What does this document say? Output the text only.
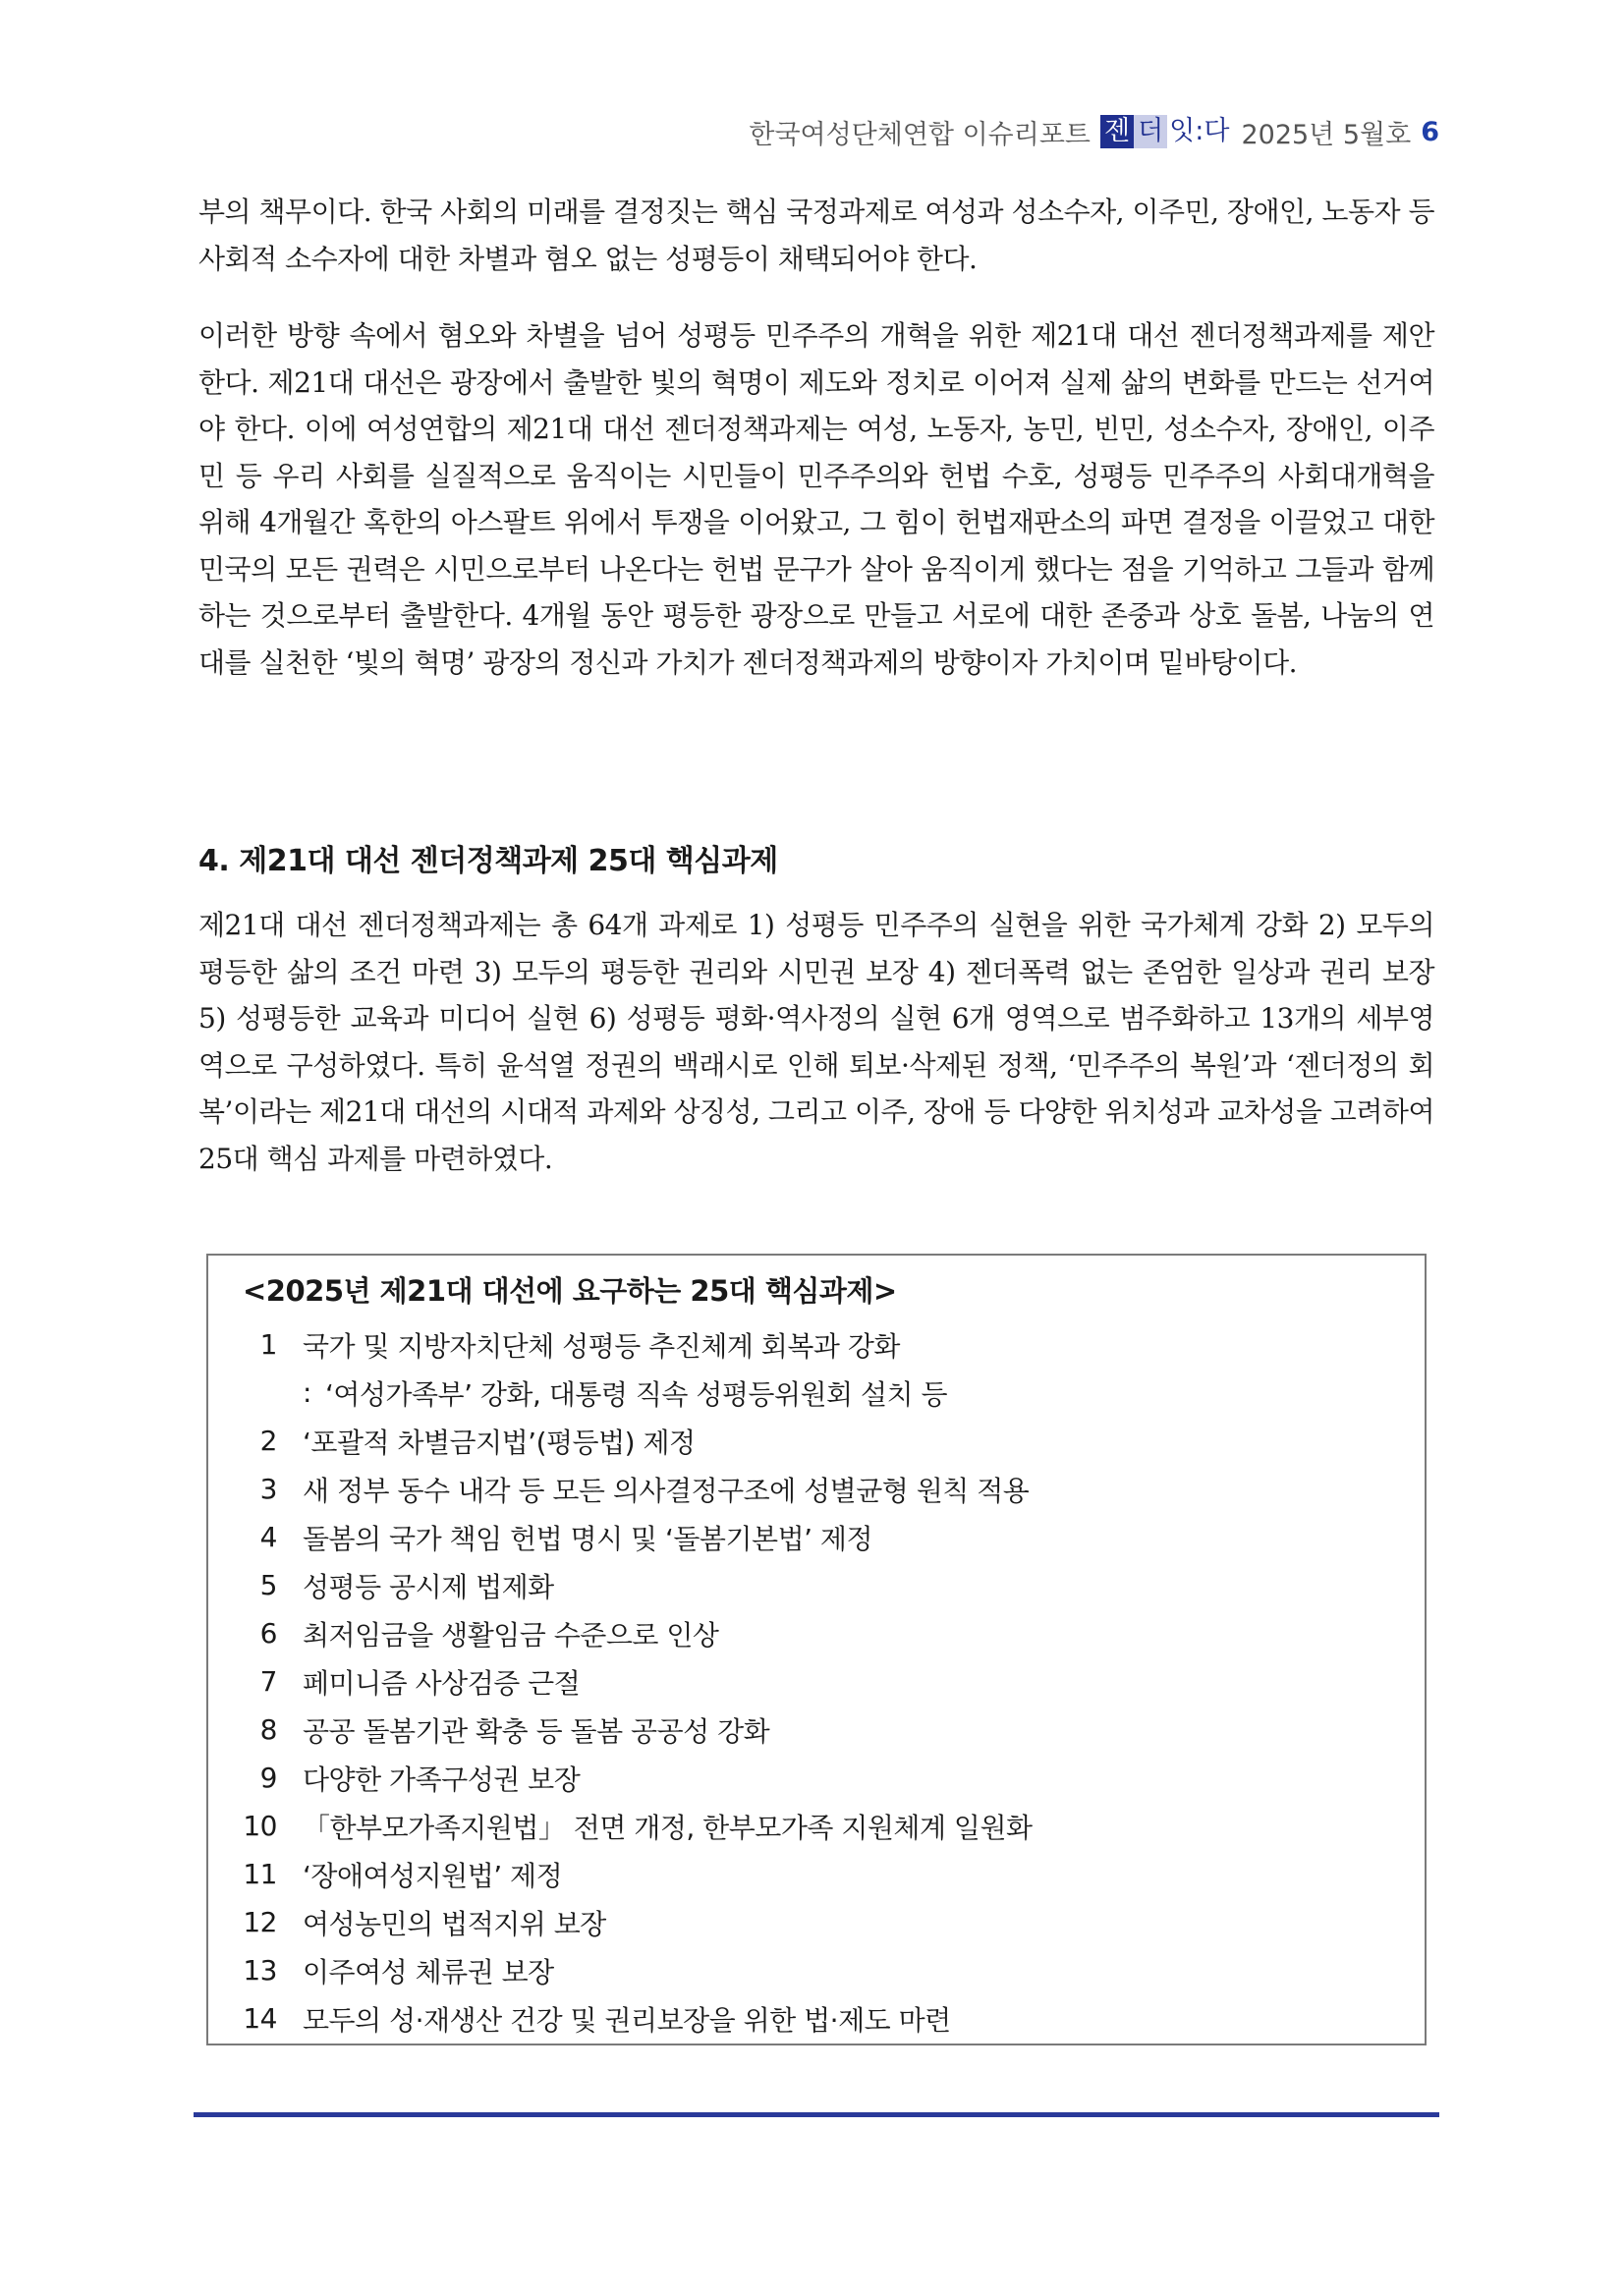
한국여성단체연합 이슈리포트 젠 더 잇:다 2025년 5월호 6

부의 책무이다. 한국 사회의 미래를 결정짓는 핵심 국정과제로 여성과 성소수자, 이주민, 장애인, 노동자 등 사회적 소수자에 대한 차별과 혐오 없는 성평등이 채택되어야 한다.

이러한 방향 속에서 혐오와 차별을 넘어 성평등 민주주의 개혁을 위한 제21대 대선 젠더정책과제를 제안한다. 제21대 대선은 광장에서 출발한 빛의 혁명이 제도와 정치로 이어져 실제 삶의 변화를 만드는 선거여야 한다. 이에 여성연합의 제21대 대선 젠더정책과제는 여성, 노동자, 농민, 빈민, 성소수자, 장애인, 이주민 등 우리 사회를 실질적으로 움직이는 시민들이 민주주의와 헌법 수호, 성평등 민주주의 사회대개혁을 위해 4개월간 혹한의 아스팔트 위에서 투쟁을 이어왔고, 그 힘이 헌법재판소의 파면 결정을 이끌었고 대한민국의 모든 권력은 시민으로부터 나온다는 헌법 문구가 살아 움직이게 했다는 점을 기억하고 그들과 함께 하는 것으로부터 출발한다. 4개월 동안 평등한 광장으로 만들고 서로에 대한 존중과 상호 돌봄, 나눔의 연대를 실천한 ‘빛의 혁명’ 광장의 정신과 가치가 젠더정책과제의 방향이자 가치이며 밑바탕이다.

4. 제21대 대선 젠더정책과제 25대 핵심과제

제21대 대선 젠더정책과제는 총 64개 과제로 1) 성평등 민주주의 실현을 위한 국가체계 강화 2) 모두의 평등한 삶의 조건 마련 3) 모두의 평등한 권리와 시민권 보장 4) 젠더폭력 없는 존엄한 일상과 권리 보장 5) 성평등한 교육과 미디어 실현 6) 성평등 평화·역사정의 실현 6개 영역으로 범주화하고 13개의 세부영역으로 구성하였다. 특히 윤석열 정권의 백래시로 인해 퇴보·삭제된 정책, ‘민주주의 복원’과 ‘젠더정의 회복’이라는 제21대 대선의 시대적 과제와 상징성, 그리고 이주, 장애 등 다양한 위치성과 교차성을 고려하여 25대 핵심 과제를 마련하였다.

<2025년 제21대 대선에 요구하는 25대 핵심과제>
1 국가 및 지방자치단체 성평등 추진체계 회복과 강화
: ‘여성가족부’ 강화, 대통령 직속 성평등위원회 설치 등
2 ‘포괄적 차별금지법’(평등법) 제정
3 새 정부 동수 내각 등 모든 의사결정구조에 성별균형 원칙 적용
4 돌봄의 국가 책임 헌법 명시 및 ‘돌봄기본법’ 제정
5 성평등 공시제 법제화
6 최저임금을 생활임금 수준으로 인상
7 페미니즘 사상검증 근절
8 공공 돌봄기관 확충 등 돌봄 공공성 강화
9 다양한 가족구성권 보장
10 「한부모가족지원법」 전면 개정, 한부모가족 지원체계 일원화
11 ‘장애여성지원법’ 제정
12 여성농민의 법적지위 보장
13 이주여성 체류권 보장
14 모두의 성·재생산 건강 및 권리보장을 위한 법·제도 마련
